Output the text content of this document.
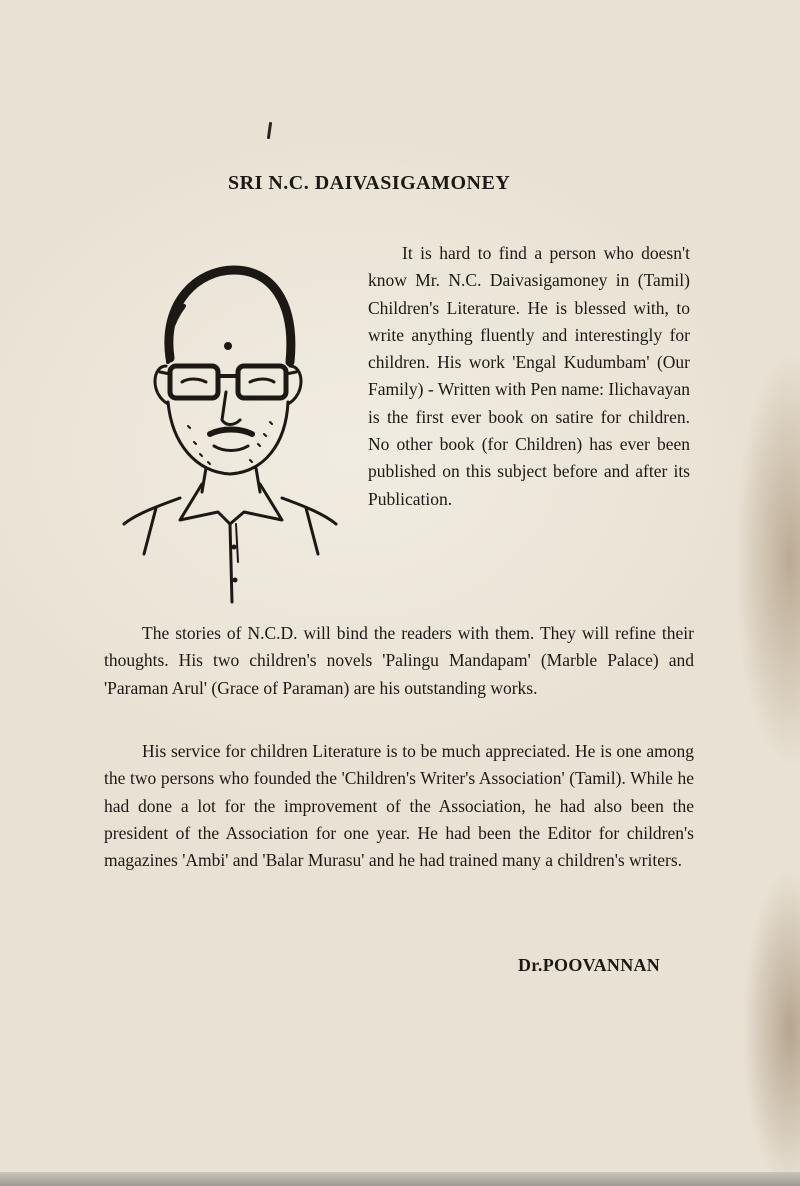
SRI N.C. DAIVASIGAMONEY

It is hard to find a person who doesn't know Mr. N.C. Daivasigamoney in (Tamil) Children's Literature. He is blessed with, to write anything fluently and interestingly for children. His work 'Engal Kudumbam' (Our Family) - Written with Pen name: Ilichavayan is the first ever book on satire for children. No other book (for Children) has ever been published on this subject before and after its Publication.

The stories of N.C.D. will bind the readers with them. They will refine their thoughts. His two children's novels 'Palingu Mandapam' (Marble Palace) and 'Paraman Arul' (Grace of Paraman) are his outstanding works.

His service for children Literature is to be much appreciated. He is one among the two persons who founded the 'Children's Writer's Association' (Tamil). While he had done a lot for the improvement of the Association, he had also been the president of the Association for one year. He had been the Editor for children's magazines 'Ambi' and 'Balar Murasu' and he had trained many a children's writers.

Dr.POOVANNAN
